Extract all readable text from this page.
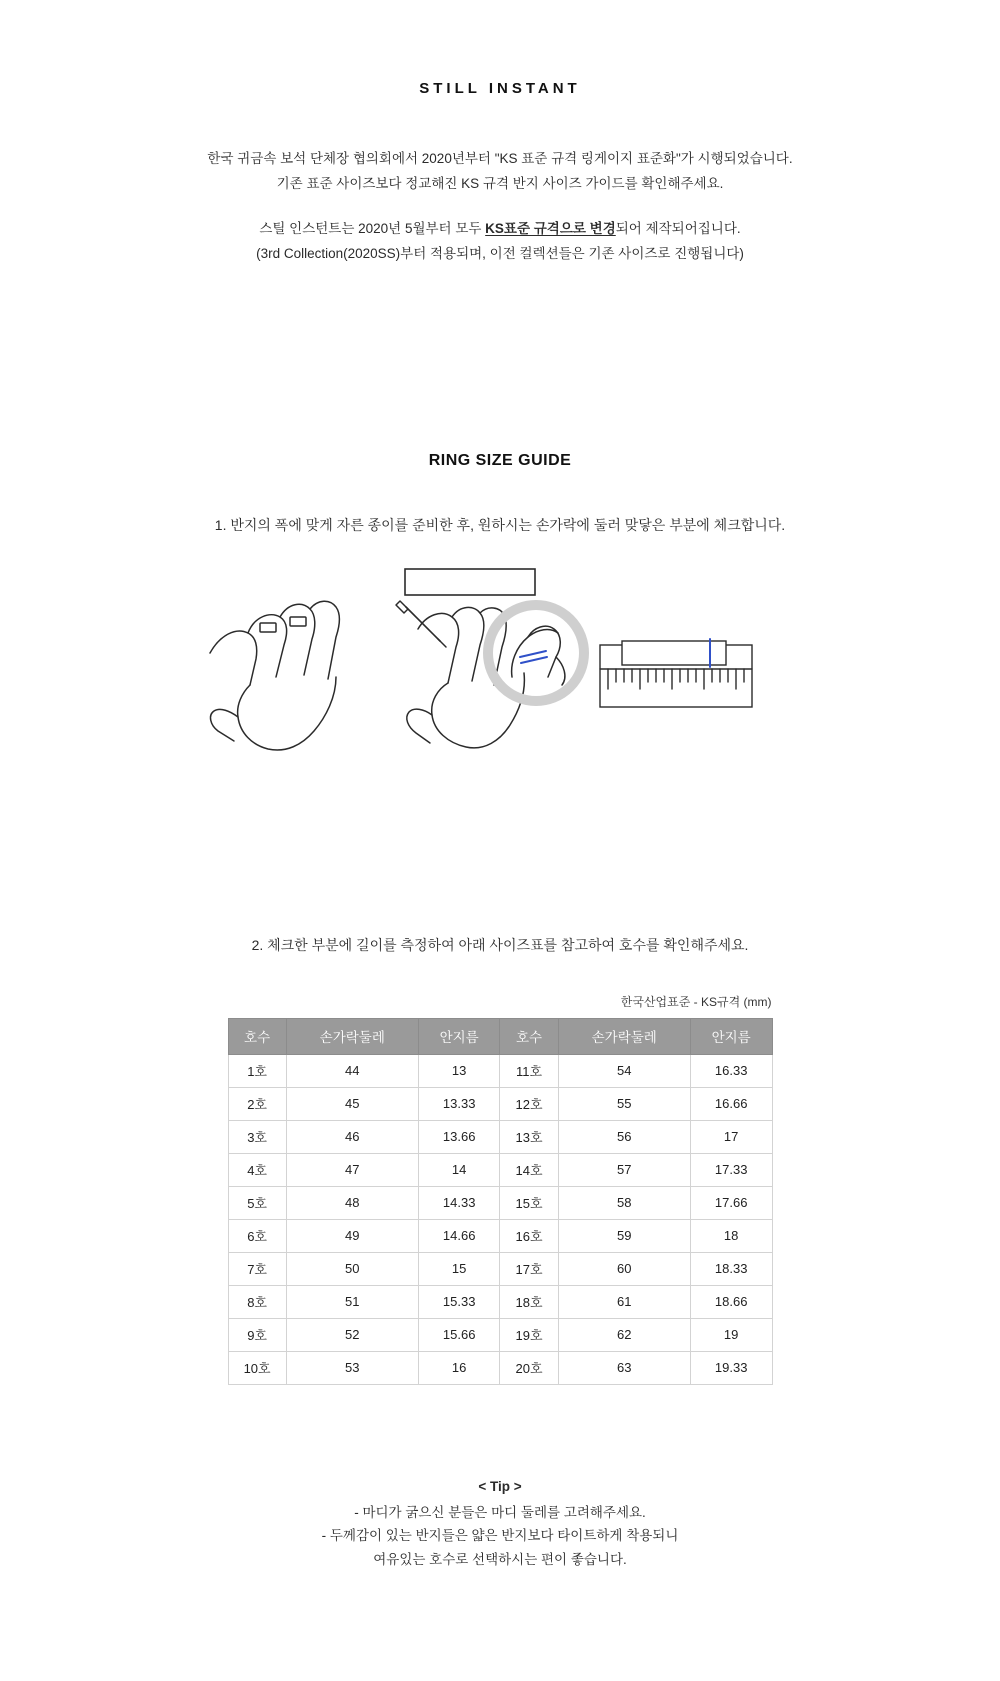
STILL INSTANT

한국 귀금속 보석 단체장 협의회에서 2020년부터 "KS 표준 규격 링게이지 표준화"가 시행되었습니다.

기존 표준 사이즈보다 정교해진 KS 규격 반지 사이즈 가이드를 확인해주세요.

스틸 인스턴트는 2020년 5월부터 모두 KS표준 규격으로 변경되어 제작되어집니다.

(3rd Collection(2020SS)부터 적용되며, 이전 컬렉션들은 기존 사이즈로 진행됩니다)

RING SIZE GUIDE
1. 반지의 폭에 맞게 자른 종이를 준비한 후, 원하시는 손가락에 둘러 맞닿은 부분에 체크합니다.
2. 체크한 부분에 길이를 측정하여 아래 사이즈표를 참고하여 호수를 확인해주세요.
한국산업표준 - KS규격 (mm)
호수	손가락둘레	안지름	호수	손가락둘레	안지름
1호	44	13	11호	54	16.33
2호	45	13.33	12호	55	16.66
3호	46	13.66	13호	56	17
4호	47	14	14호	57	17.33
5호	48	14.33	15호	58	17.66
6호	49	14.66	16호	59	18
7호	50	15	17호	60	18.33
8호	51	15.33	18호	61	18.66
9호	52	15.66	19호	62	19
10호	53	16	20호	63	19.33

< Tip >

- 마디가 굵으신 분들은 마디 둘레를 고려해주세요.

- 두께감이 있는 반지들은 얇은 반지보다 타이트하게 착용되니

여유있는 호수로 선택하시는 편이 좋습니다.
